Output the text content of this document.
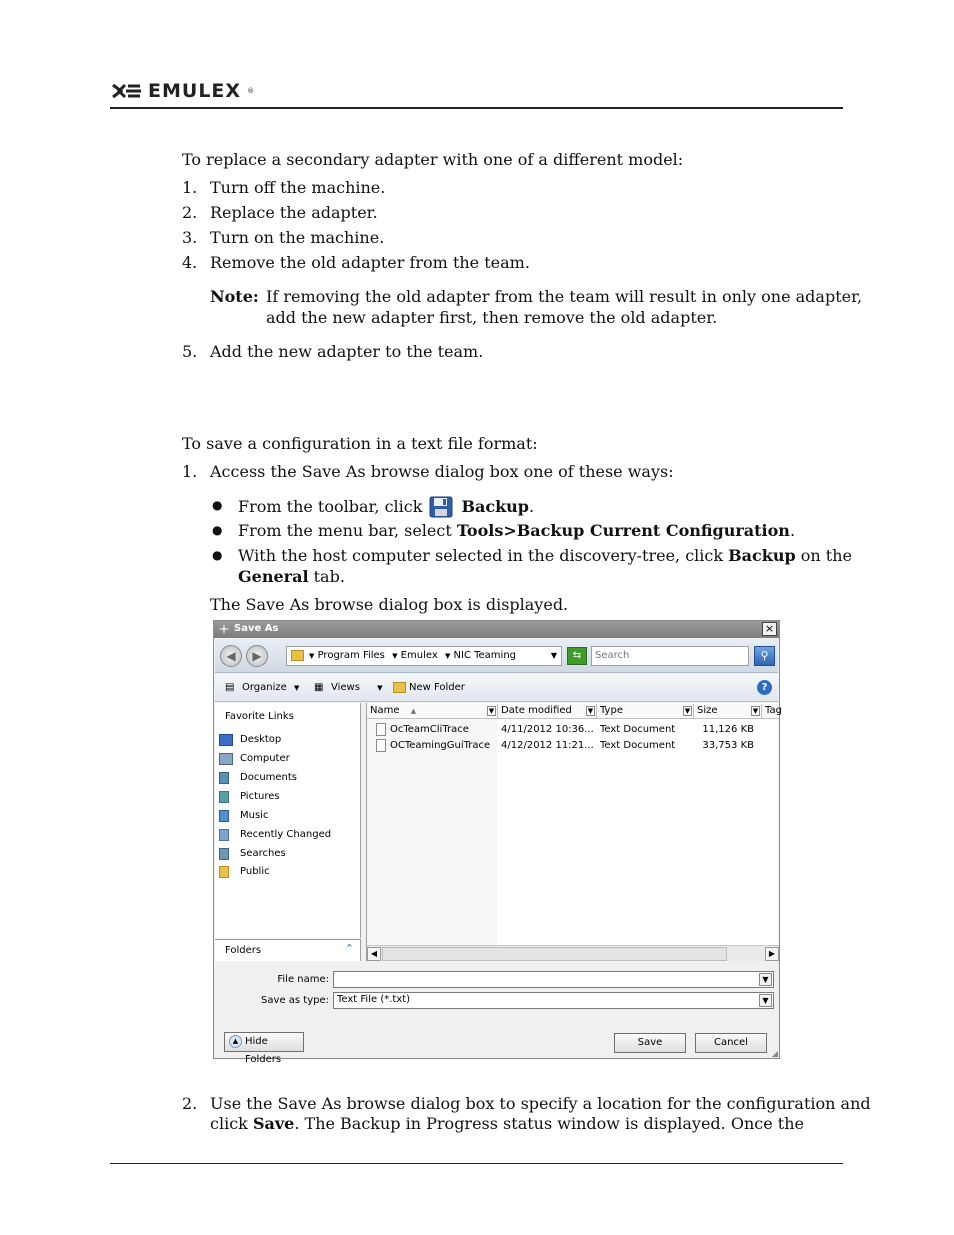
EMULEX ®
To replace a secondary adapter with one of a different model:
1. Turn off the machine.
2. Replace the adapter.
3. Turn on the machine.
4. Remove the old adapter from the team.
Note: If removing the old adapter from the team will result in only one adapter,
add the new adapter first, then remove the old adapter.
5. Add the new adapter to the team.
To save a configuration in a text file format:
1. Access the Save As browse dialog box one of these ways:
● From the toolbar, click Backup .
● From the menu bar, select Tools>Backup Current Configuration.
● With the host computer selected in the discovery-tree, click Backup on the
General tab.
The Save As browse dialog box is displayed.
Save As	×
◀	▶	▼ Program Files ▼ Emulex ▼ NIC Teaming	▼	⇆	Search	⚲
▤ Organize ▼ ▦ Views ▼	New Folder	?
Favorite Links
Desktop
Computer
Documents
Pictures
Music
Recently Changed
Searches
Public
Folders	⌃
Name ▲	▼ Date modified ▼ Type	▼ Size	▼ Tag
OcTeamCliTrace	4/11/2012 10:36... Text Document	11,126 KB
OCTeamingGuiTrace 4/12/2012 11:21... Text Document	33,753 KB
◀	▶
File name:	▼
Save as type: Text File (*.txt)	▼
▲ Hide Folders
Save	Cancel
◢
2. Use the Save As browse dialog box to specify a location for the configuration and
click Save. The Backup in Progress status window is displayed. Once the
